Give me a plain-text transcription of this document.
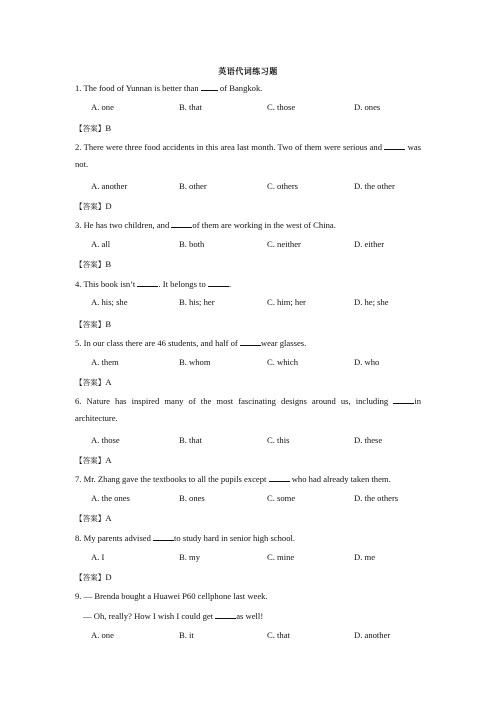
英语代词练习题
1. The food of Yunnan is better than  of Bangkok.
A. one	B. that	C. those	D. ones
【答案】B
2. There were three food accidents in this area last month. Two of them were serious and  was not.
A. another	B. other	C. others	D. the other
【答案】D
3. He has two children, and of them are working in the west of China.
A. all	B. both	C. neither	D. either
【答案】B
4. This book isn’t . It belongs to .
A. his; she	B. his; her	C. him; her	D. he; she
【答案】B
5. In our class there are 46 students, and half of wear glasses.
A. them	B. whom	C. which	D. who
【答案】A
6. Nature has inspired many of the most fascinating designs around us, including in architecture.
A. those	B. that	C. this	D. these
【答案】A
7. Mr. Zhang gave the textbooks to all the pupils except  who had already taken them.
A. the ones	B. ones	C. some	D. the others
【答案】A
8. My parents advised to study hard in senior high school.
A. I	B. my	C. mine	D. me
【答案】D
9. — Brenda bought a Huawei P60 cellphone last week.
— Oh, really? How I wish I could get as well!
A. one	B. it	C. that	D. another
